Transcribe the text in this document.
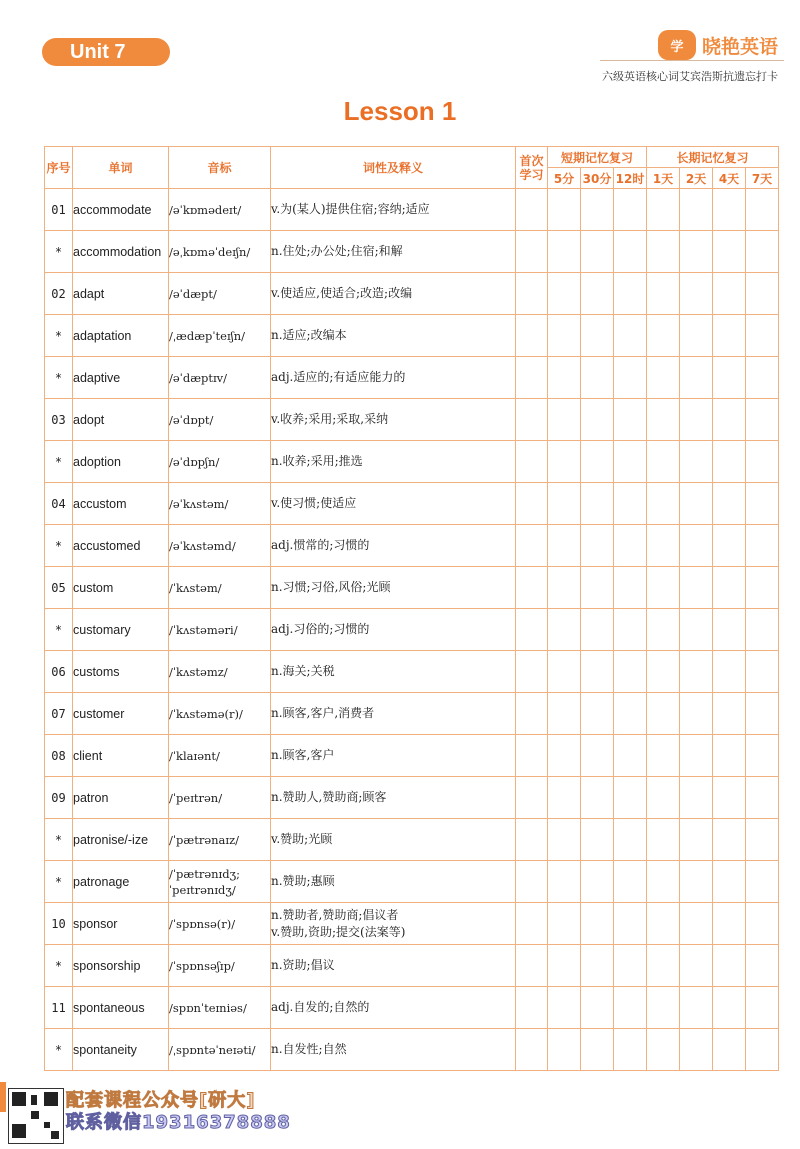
Unit 7	学 晓艳英语
六级英语核心词艾宾浩斯抗遗忘打卡
Lesson 1
序号	单词	音标	词性及释义	首次学习	短期记忆复习			长期记忆复习			
					5分	30分	12时	1天	2天	4天	7天
01	accommodate	/əˈkɒmədeɪt/	v.为(某人)提供住宿;容纳;适应								
*	accommodation	/əˌkɒməˈdeɪʃn/	n.住处;办公处;住宿;和解								
02	adapt	/əˈdæpt/	v.使适应,使适合;改造;改编								
*	adaptation	/ˌædæpˈteɪʃn/	n.适应;改编本								
*	adaptive	/əˈdæptɪv/	adj.适应的;有适应能力的								
03	adopt	/əˈdɒpt/	v.收养;采用;采取,采纳								
*	adoption	/əˈdɒpʃn/	n.收养;采用;推选								
04	accustom	/əˈkʌstəm/	v.使习惯;使适应								
*	accustomed	/əˈkʌstəmd/	adj.惯常的;习惯的								
05	custom	/ˈkʌstəm/	n.习惯;习俗,风俗;光顾								
*	customary	/ˈkʌstəməri/	adj.习俗的;习惯的								
06	customs	/ˈkʌstəmz/	n.海关;关税								
07	customer	/ˈkʌstəmə(r)/	n.顾客,客户,消费者								
08	client	/ˈklaɪənt/	n.顾客,客户								
09	patron	/ˈpeɪtrən/	n.赞助人,赞助商;顾客								
*	patronise/-ize	/ˈpætrənaɪz/	v.赞助;光顾								
*	patronage	/ˈpætrənɪdʒ;
ˈpeɪtrənɪdʒ/	n.赞助;惠顾								
10	sponsor	/ˈspɒnsə(r)/	n.赞助者,赞助商;倡议者
v.赞助,资助;提交(法案等)								
*	sponsorship	/ˈspɒnsəʃɪp/	n.资助;倡议								
11	spontaneous	/spɒnˈteɪniəs/	adj.自发的;自然的								
*	spontaneity	/ˌspɒntəˈneɪəti/	n.自发性;自然								
配套课程公众号[研大]
联系微信19316378888
